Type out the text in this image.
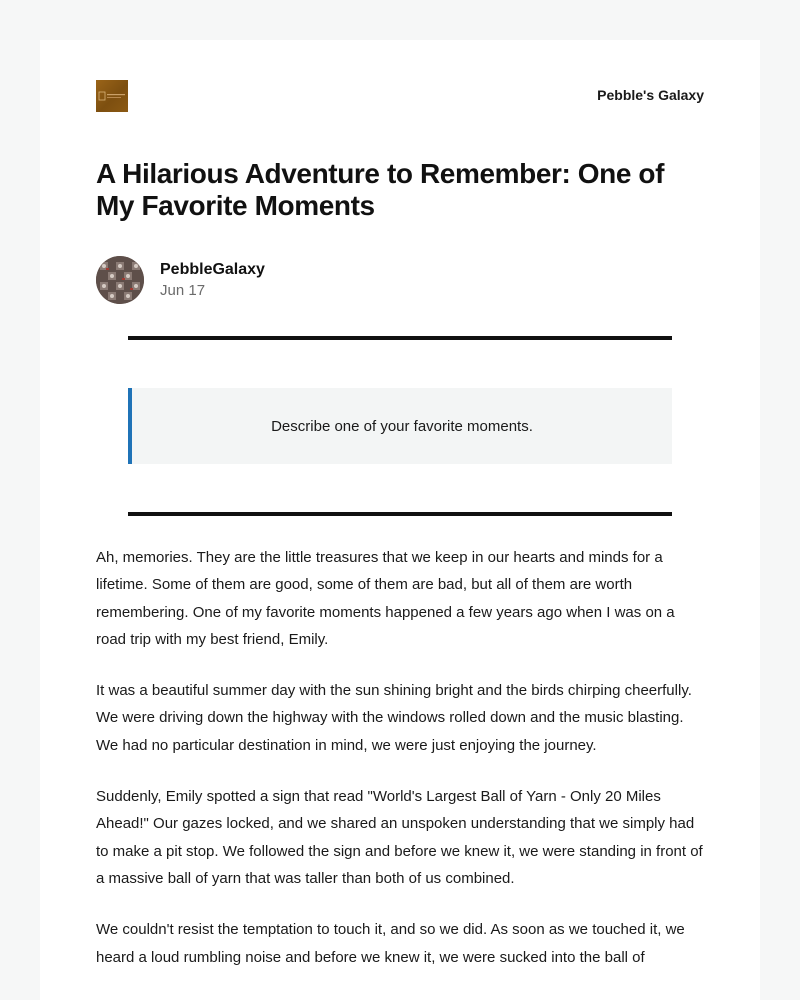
Pebble's Galaxy
A Hilarious Adventure to Remember: One of My Favorite Moments
PebbleGalaxy
Jun 17
Describe one of your favorite moments.

Ah, memories. They are the little treasures that we keep in our hearts and minds for a lifetime. Some of them are good, some of them are bad, but all of them are worth remembering. One of my favorite moments happened a few years ago when I was on a road trip with my best friend, Emily.

It was a beautiful summer day with the sun shining bright and the birds chirping cheerfully. We were driving down the highway with the windows rolled down and the music blasting. We had no particular destination in mind, we were just enjoying the journey.

Suddenly, Emily spotted a sign that read "World's Largest Ball of Yarn - Only 20 Miles Ahead!" Our gazes locked, and we shared an unspoken understanding that we simply had to make a pit stop. We followed the sign and before we knew it, we were standing in front of a massive ball of yarn that was taller than both of us combined.

We couldn't resist the temptation to touch it, and so we did. As soon as we touched it, we heard a loud rumbling noise and before we knew it, we were sucked into the ball of
